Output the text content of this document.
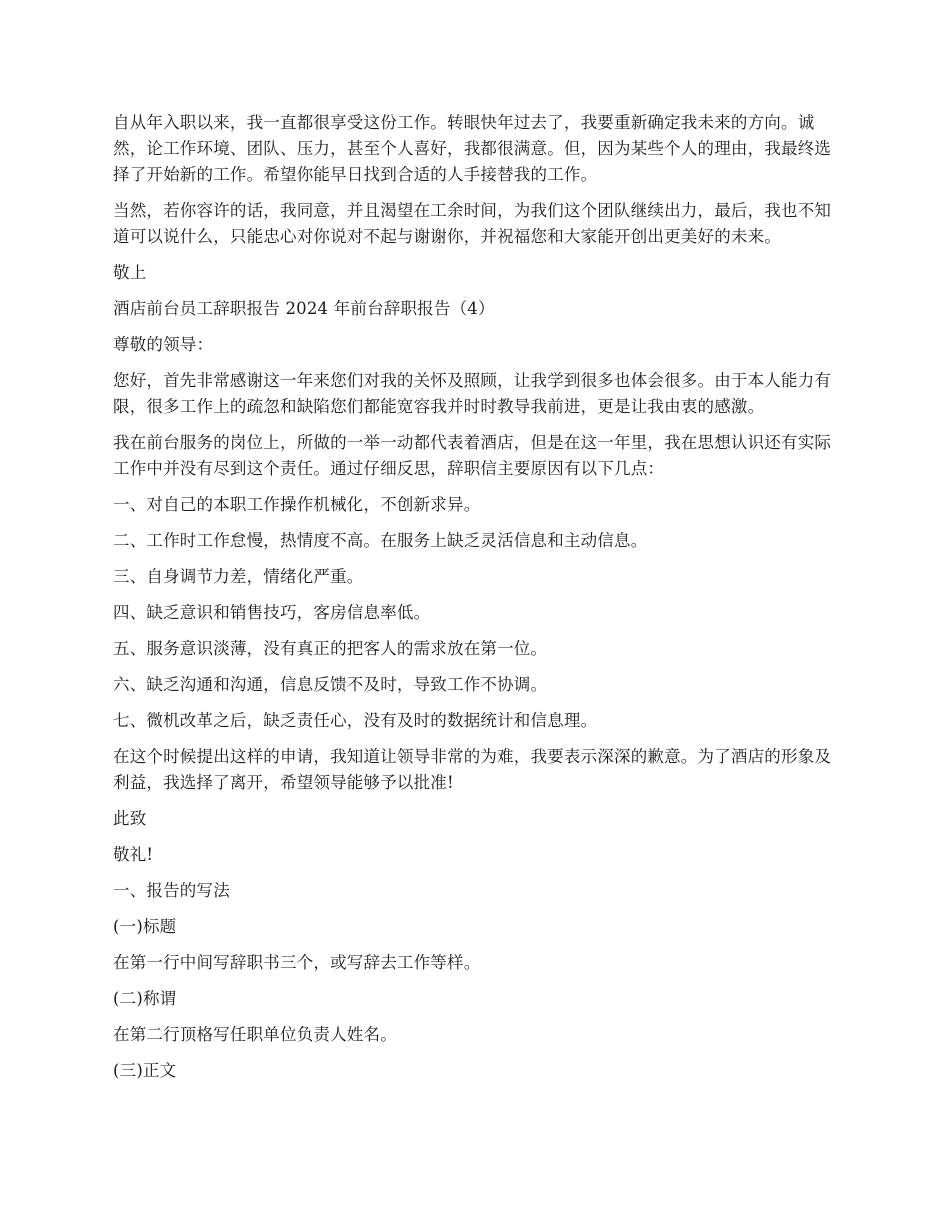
自从年入职以来，我一直都很享受这份工作。转眼快年过去了，我要重新确定我未来的方向。诚然，论工作环境、团队、压力，甚至个人喜好，我都很满意。但，因为某些个人的理由，我最终选择了开始新的工作。希望你能早日找到合适的人手接替我的工作。

当然，若你容许的话，我同意，并且渴望在工余时间，为我们这个团队继续出力，最后，我也不知道可以说什么，只能忠心对你说对不起与谢谢你，并祝福您和大家能开创出更美好的未来。

敬上

酒店前台员工辞职报告 2024 年前台辞职报告（4）

尊敬的领导：

您好，首先非常感谢这一年来您们对我的关怀及照顾，让我学到很多也体会很多。由于本人能力有限，很多工作上的疏忽和缺陷您们都能宽容我并时时教导我前进，更是让我由衷的感激。

我在前台服务的岗位上，所做的一举一动都代表着酒店，但是在这一年里，我在思想认识还有实际工作中并没有尽到这个责任。通过仔细反思，辞职信主要原因有以下几点：

一、对自己的本职工作操作机械化，不创新求异。

二、工作时工作怠慢，热情度不高。在服务上缺乏灵活信息和主动信息。

三、自身调节力差，情绪化严重。

四、缺乏意识和销售技巧，客房信息率低。

五、服务意识淡薄，没有真正的把客人的需求放在第一位。

六、缺乏沟通和沟通，信息反馈不及时，导致工作不协调。

七、微机改革之后，缺乏责任心，没有及时的数据统计和信息理。

在这个时候提出这样的申请，我知道让领导非常的为难，我要表示深深的歉意。为了酒店的形象及利益，我选择了离开，希望领导能够予以批准!

此致

敬礼!

一、报告的写法

(一)标题

在第一行中间写辞职书三个，或写辞去工作等样。

(二)称谓

在第二行顶格写任职单位负责人姓名。

(三)正文
